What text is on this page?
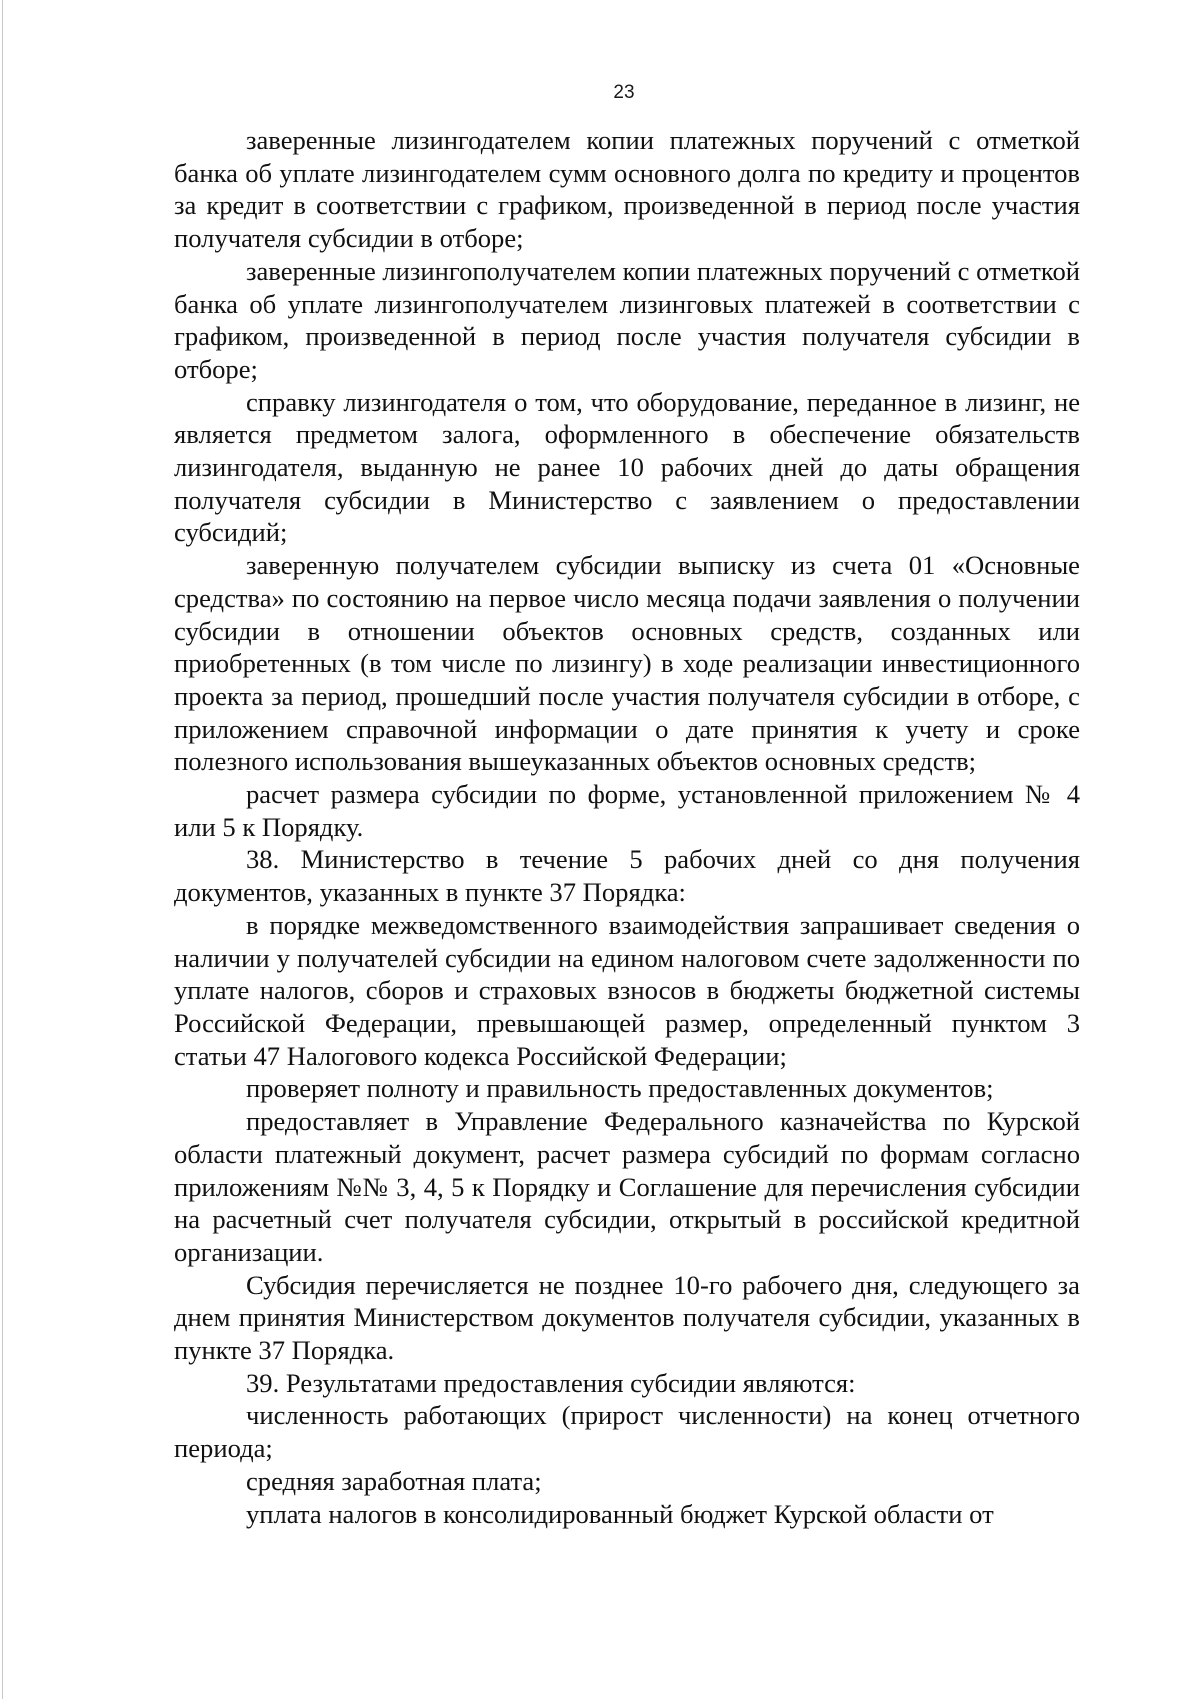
23

заверенные лизингодателем копии платежных поручений с отметкой банка об уплате лизингодателем сумм основного долга по кредиту и процентов за кредит в соответствии с графиком, произведенной в период после участия получателя субсидии в отборе;

заверенные лизингополучателем копии платежных поручений с отметкой банка об уплате лизингополучателем лизинговых платежей в соответствии с графиком, произведенной в период после участия получателя субсидии в отборе;

справку лизингодателя о том, что оборудование, переданное в лизинг, не является предметом залога, оформленного в обеспечение обязательств лизингодателя, выданную не ранее 10 рабочих дней до даты обращения получателя субсидии в Министерство с заявлением о предоставлении субсидий;

заверенную получателем субсидии выписку из счета 01 «Основные средства» по состоянию на первое число месяца подачи заявления о получении субсидии в отношении объектов основных средств, созданных или приобретенных (в том числе по лизингу) в ходе реализации инвестиционного проекта за период, прошедший после участия получателя субсидии в отборе, с приложением справочной информации о дате принятия к учету и сроке полезного использования вышеуказанных объектов основных средств;

расчет размера субсидии по форме, установленной приложением № 4 или 5 к Порядку.

38. Министерство в течение 5 рабочих дней со дня получения документов, указанных в пункте 37 Порядка:

в порядке межведомственного взаимодействия запрашивает сведения о наличии у получателей субсидии на едином налоговом счете задолженности по уплате налогов, сборов и страховых взносов в бюджеты бюджетной системы Российской Федерации, превышающей размер, определенный пунктом 3 статьи 47 Налогового кодекса Российской Федерации;

проверяет полноту и правильность предоставленных документов;

предоставляет в Управление Федерального казначейства по Курской области платежный документ, расчет размера субсидий по формам согласно приложениям №№ 3, 4, 5 к Порядку и Соглашение для перечисления субсидии на расчетный счет получателя субсидии, открытый в российской кредитной организации.

Субсидия перечисляется не позднее 10-го рабочего дня, следующего за днем принятия Министерством документов получателя субсидии, указанных в пункте 37 Порядка.

39. Результатами предоставления субсидии являются:

численность работающих (прирост численности) на конец отчетного периода;

средняя заработная плата;

уплата налогов в консолидированный бюджет Курской области от
